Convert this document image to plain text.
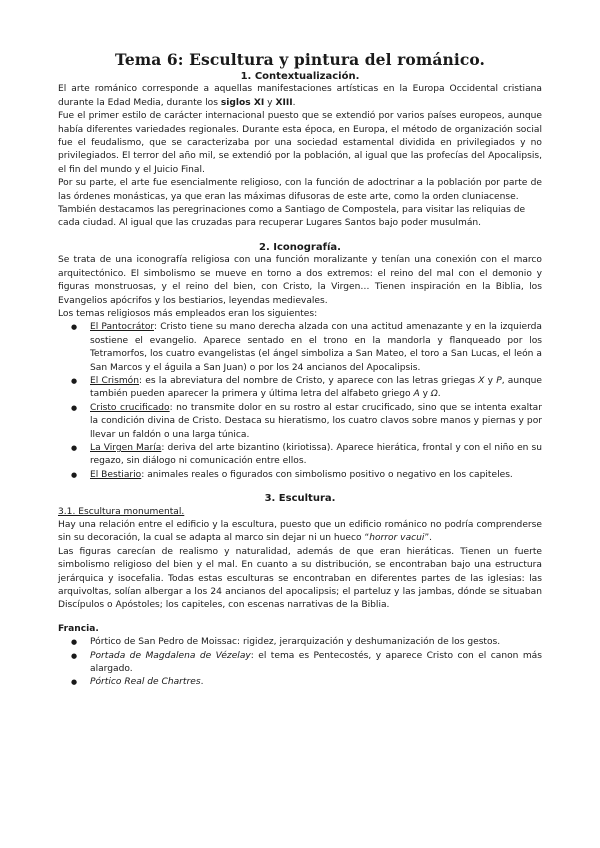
Tema 6: Escultura y pintura del románico.
1. Contextualización.

El arte románico corresponde a aquellas manifestaciones artísticas en la Europa Occidental cristiana durante la Edad Media, durante los siglos XI y XIII.

Fue el primer estilo de carácter internacional puesto que se extendió por varios países europeos, aunque había diferentes variedades regionales. Durante esta época, en Europa, el método de organización social fue el feudalismo, que se caracterizaba por una sociedad estamental dividida en privilegiados y no privilegiados. El terror del año mil, se extendió por la población, al igual que las profecías del Apocalipsis, el fin del mundo y el Juicio Final.

Por su parte, el arte fue esencialmente religioso, con la función de adoctrinar a la población por parte de las órdenes monásticas, ya que eran las máximas difusoras de este arte, como la orden cluniacense.

También destacamos las peregrinaciones como a Santiago de Compostela, para visitar las reliquias de cada ciudad. Al igual que las cruzadas para recuperar Lugares Santos bajo poder musulmán.

2. Iconografía.

Se trata de una iconografía religiosa con una función moralizante y tenían una conexión con el marco arquitectónico. El simbolismo se mueve en torno a dos extremos: el reino del mal con el demonio y figuras monstruosas, y el reino del bien, con Cristo, la Virgen… Tienen inspiración en la Biblia, los Evangelios apócrifos y los bestiarios, leyendas medievales.

Los temas religiosos más empleados eran los siguientes:

● El Pantocrátor: Cristo tiene su mano derecha alzada con una actitud amenazante y en la izquierda sostiene el evangelio. Aparece sentado en el trono en la mandorla y flanqueado por los Tetramorfos, los cuatro evangelistas (el ángel simboliza a San Mateo, el toro a San Lucas, el león a San Marcos y el águila a San Juan) o por los 24 ancianos del Apocalipsis.
● El Crismón: es la abreviatura del nombre de Cristo, y aparece con las letras griegas X y P, aunque también pueden aparecer la primera y última letra del alfabeto griego A y Ω.
● Cristo crucificado: no transmite dolor en su rostro al estar crucificado, sino que se intenta exaltar la condición divina de Cristo. Destaca su hieratismo, los cuatro clavos sobre manos y piernas y por llevar un faldón o una larga túnica.
● La Virgen María: deriva del arte bizantino (kiriotissa). Aparece hierática, frontal y con el niño en su regazo, sin diálogo ni comunicación entre ellos.
● El Bestiario: animales reales o figurados con simbolismo positivo o negativo en los capiteles.
3. Escultura.

3.1. Escultura monumental.

Hay una relación entre el edificio y la escultura, puesto que un edificio románico no podría comprenderse sin su decoración, la cual se adapta al marco sin dejar ni un hueco “horror vacui”.

Las figuras carecían de realismo y naturalidad, además de que eran hieráticas. Tienen un fuerte simbolismo religioso del bien y el mal. En cuanto a su distribución, se encontraban bajo una estructura jerárquica y isocefalia. Todas estas esculturas se encontraban en diferentes partes de las iglesias: las arquivoltas, solían albergar a los 24 ancianos del apocalipsis; el parteluz y las jambas, dónde se situaban Discípulos o Apóstoles; los capiteles, con escenas narrativas de la Biblia.

Francia.

● Pórtico de San Pedro de Moissac: rigidez, jerarquización y deshumanización de los gestos.
● Portada de Magdalena de Vézelay: el tema es Pentecostés, y aparece Cristo con el canon más alargado.
● Pórtico Real de Chartres.
